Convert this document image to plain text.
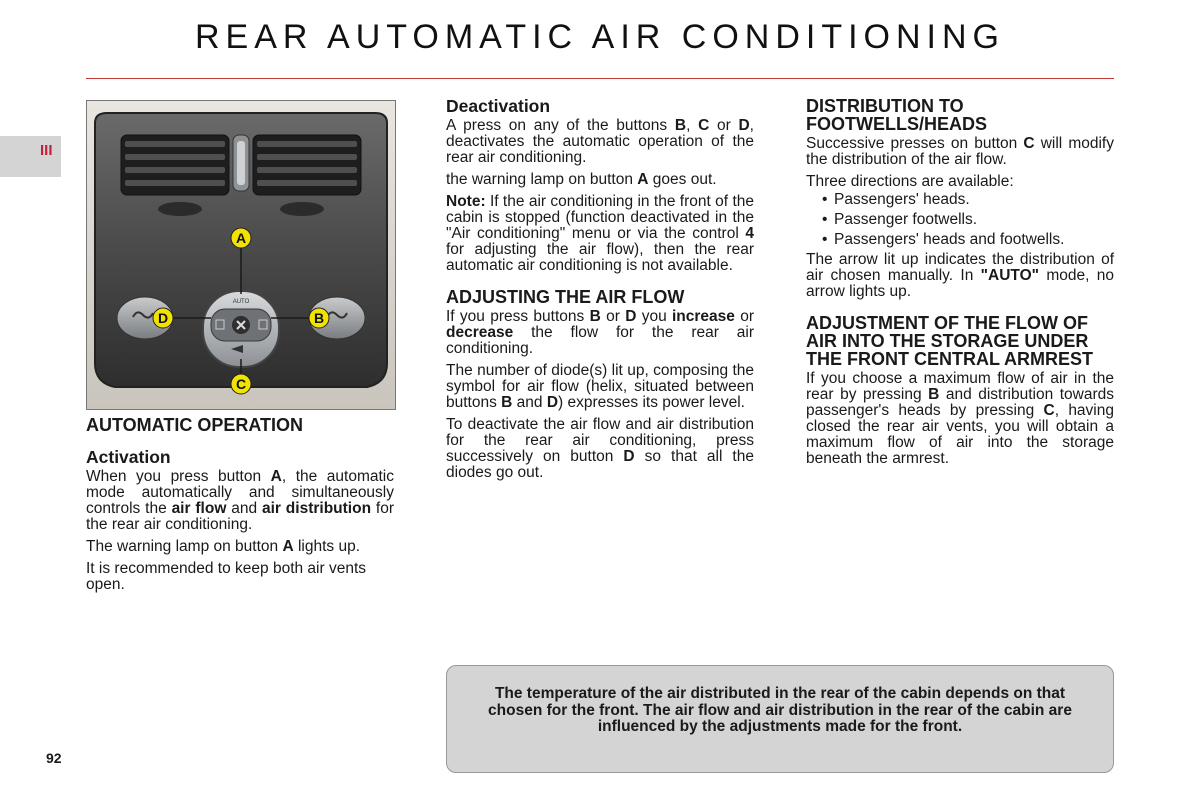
REAR AUTOMATIC AIR CONDITIONING
III
AUTO
A
B
C
D
AUTOMATIC OPERATION
Activation

When you press button A, the automatic mode automatically and simultaneously controls the air flow and air distribution for the rear air conditioning.

The warning lamp on button A lights up.

It is recommended to keep both air vents open.

Deactivation

A press on any of the buttons B, C or D, deactivates the automatic operation of the rear air conditioning.

the warning lamp on button A goes out.

Note: If the air conditioning in the front of the cabin is stopped (function deactivated in the "Air conditioning" menu or via the control 4 for adjusting the air flow), then the rear automatic air conditioning is not available.

ADJUSTING THE AIR FLOW

If you press buttons B or D you increase or decrease the flow for the rear air conditioning.

The number of diode(s) lit up, composing the symbol for air flow (helix, situated between buttons B and D) expresses its power level.

To deactivate the air flow and air distribution for the rear air conditioning, press successively on button D so that all the diodes go out.

DISTRIBUTION TO FOOTWELLS/HEADS

Successive presses on button C will modify the distribution of the air flow.

Three directions are available:

• Passengers' heads.
• Passenger footwells.
• Passengers' heads and footwells.

The arrow lit up indicates the distribution of air chosen manually. In "AUTO" mode, no arrow lights up.

ADJUSTMENT OF THE FLOW OF AIR INTO THE STORAGE UNDER THE FRONT CENTRAL ARMREST

If you choose a maximum flow of air in the rear by pressing B and distribution towards passenger's heads by pressing C, having closed the rear air vents, you will obtain a maximum flow of air into the storage beneath the armrest.

The temperature of the air distributed in the rear of the cabin depends on that chosen for the front. The air flow and air distribution in the rear of the cabin are influenced by the adjustments made for the front.
92
